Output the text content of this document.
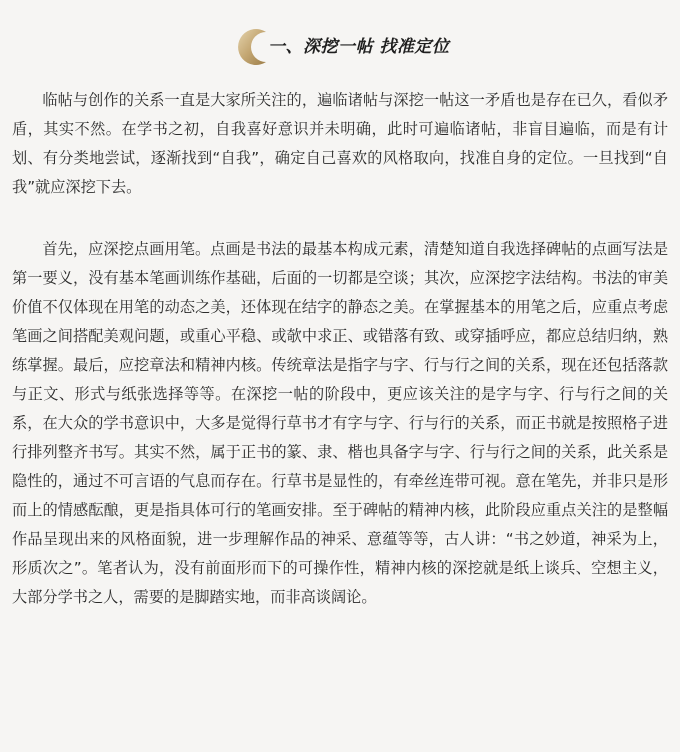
一、深挖一帖 找准定位

临帖与创作的关系一直是大家所关注的，遍临诸帖与深挖一帖这一矛盾也是存在已久，看似矛盾，其实不然。在学书之初，自我喜好意识并未明确，此时可遍临诸帖，非盲目遍临，而是有计划、有分类地尝试，逐渐找到“自我”，确定自己喜欢的风格取向，找准自身的定位。一旦找到“自我”就应深挖下去。

首先，应深挖点画用笔。点画是书法的最基本构成元素，清楚知道自我选择碑帖的点画写法是第一要义，没有基本笔画训练作基础，后面的一切都是空谈；其次，应深挖字法结构。书法的审美价值不仅体现在用笔的动态之美，还体现在结字的静态之美。在掌握基本的用笔之后，应重点考虑笔画之间搭配美观问题，或重心平稳、或欹中求正、或错落有致、或穿插呼应，都应总结归纳，熟练掌握。最后，应挖章法和精神内核。传统章法是指字与字、行与行之间的关系，现在还包括落款与正文、形式与纸张选择等等。在深挖一帖的阶段中，更应该关注的是字与字、行与行之间的关系，在大众的学书意识中，大多是觉得行草书才有字与字、行与行的关系，而正书就是按照格子进行排列整齐书写。其实不然，属于正书的篆、隶、楷也具备字与字、行与行之间的关系，此关系是隐性的，通过不可言语的气息而存在。行草书是显性的，有牵丝连带可视。意在笔先，并非只是形而上的情感酝酿，更是指具体可行的笔画安排。至于碑帖的精神内核，此阶段应重点关注的是整幅作品呈现出来的风格面貌，进一步理解作品的神采、意蕴等等，古人讲：“书之妙道，神采为上，形质次之”。笔者认为，没有前面形而下的可操作性，精神内核的深挖就是纸上谈兵、空想主义，大部分学书之人，需要的是脚踏实地，而非高谈阔论。
